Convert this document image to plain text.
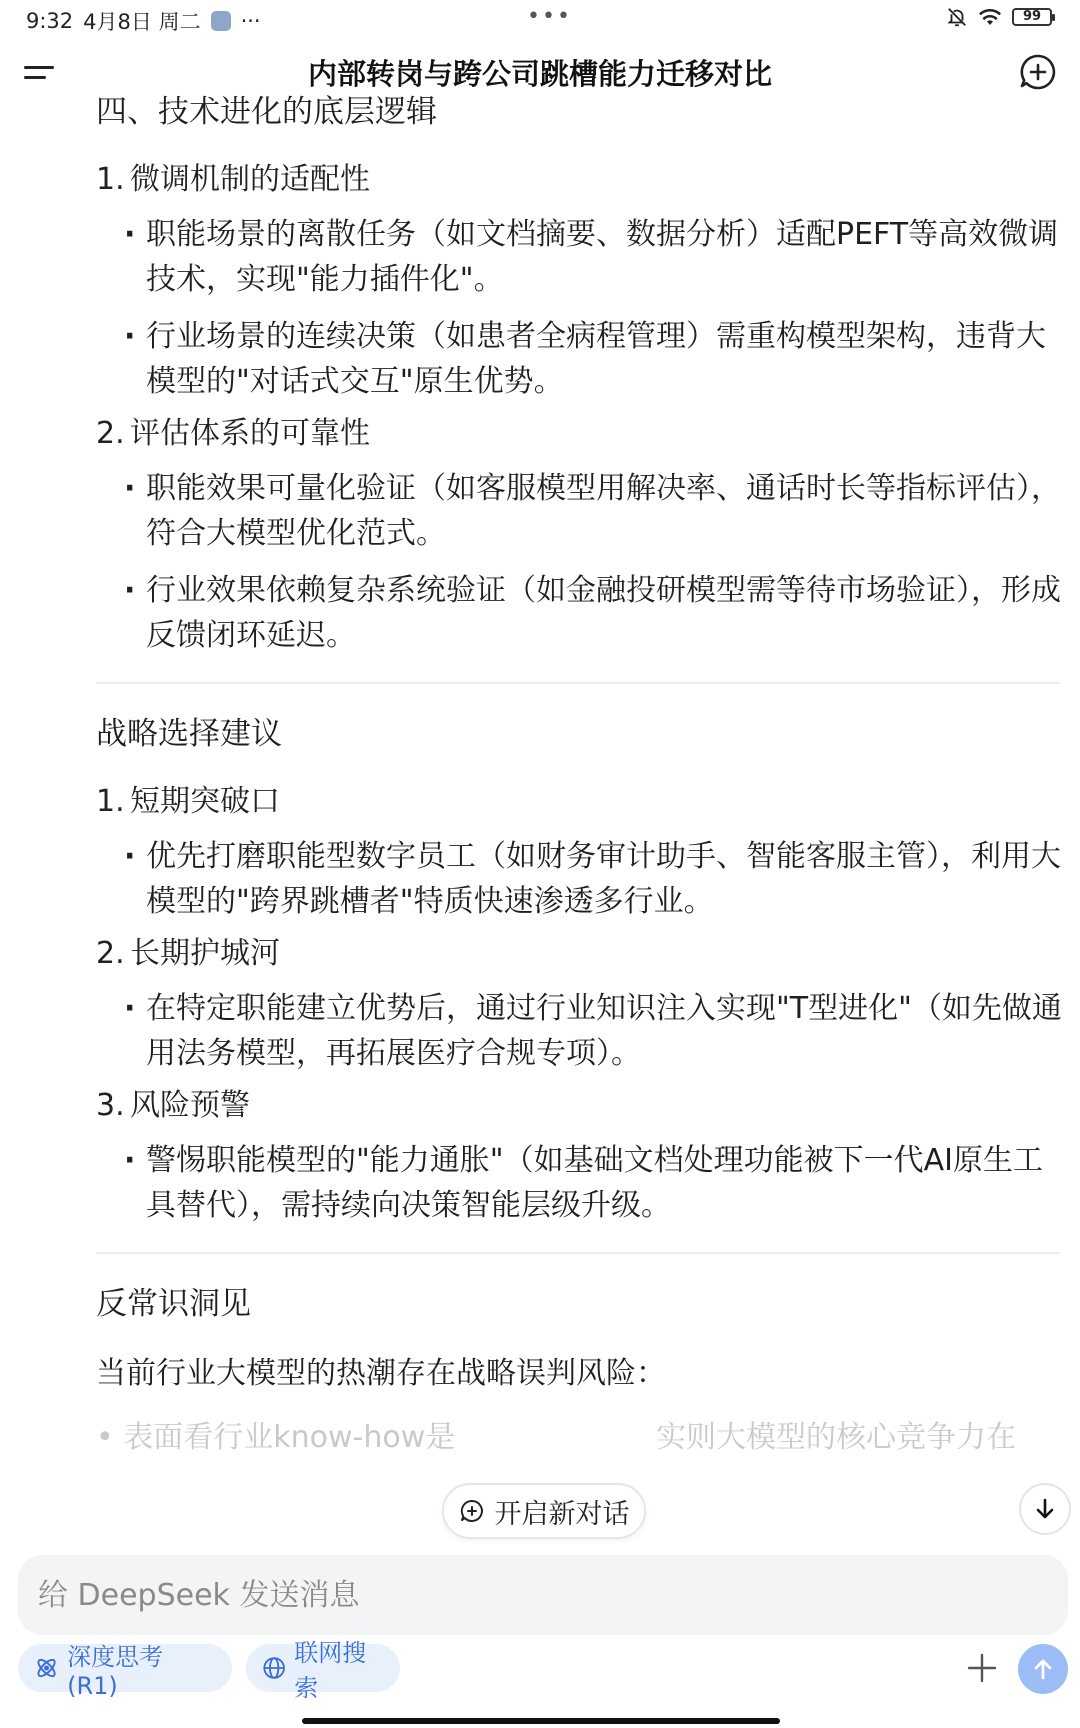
9:32 4月8日 周二 ···	•••	99
内部转岗与跨公司跳槽能力迁移对比
四、技术进化的底层逻辑
1. 微调机制的适配性
· 职能场景的离散任务（如文档摘要、数据分析）适配PEFT等高效微调技术，实现"能力插件化"。
· 行业场景的连续决策（如患者全病程管理）需重构模型架构，违背大模型的"对话式交互"原生优势。
2. 评估体系的可靠性
· 职能效果可量化验证（如客服模型用解决率、通话时长等指标评估），符合大模型优化范式。
· 行业效果依赖复杂系统验证（如金融投研模型需等待市场验证），形成反馈闭环延迟。
战略选择建议
1. 短期突破口
· 优先打磨职能型数字员工（如财务审计助手、智能客服主管），利用大模型的"跨界跳槽者"特质快速渗透多行业。
2. 长期护城河
· 在特定职能建立优势后，通过行业知识注入实现"T型进化"（如先做通用法务模型，再拓展医疗合规专项）。
3. 风险预警
· 警惕职能模型的"能力通胀"（如基础文档处理功能被下一代AI原生工具替代），需持续向决策智能层级升级。
反常识洞见
当前行业大模型的热潮存在战略误判风险：
• 表面看行业know-how是	实则大模型的核心竞争力在
开启新对话
给 DeepSeek 发送消息
深度思考 (R1)
联网搜索
